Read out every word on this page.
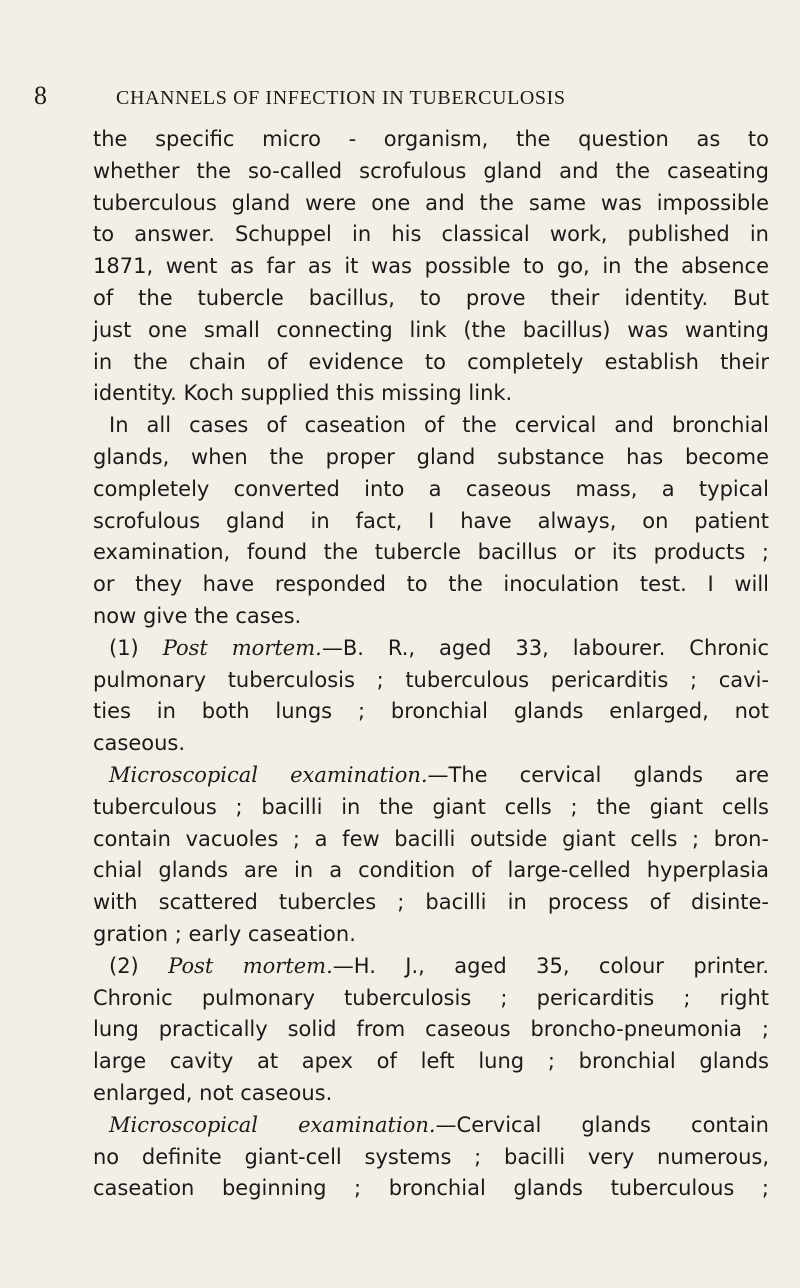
8	CHANNELS OF INFECTION IN TUBERCULOSIS
the specific micro - organism, the question as to
whether the so-called scrofulous gland and the caseating
tuberculous gland were one and the same was impossible
to answer. Schuppel in his classical work, published in
1871, went as far as it was possible to go, in the absence
of the tubercle bacillus, to prove their identity. But
just one small connecting link (the bacillus) was wanting
in the chain of evidence to completely establish their
identity. Koch supplied this missing link.
In all cases of caseation of the cervical and bronchial
glands, when the proper gland substance has become
completely converted into a caseous mass, a typical
scrofulous gland in fact, I have always, on patient
examination, found the tubercle bacillus or its products ;
or they have responded to the inoculation test. I will
now give the cases.
(1) Post mortem.—B. R., aged 33, labourer. Chronic
pulmonary tuberculosis ; tuberculous pericarditis ; cavi-
ties in both lungs ; bronchial glands enlarged, not
caseous.
Microscopical examination.—The cervical glands are
tuberculous ; bacilli in the giant cells ; the giant cells
contain vacuoles ; a few bacilli outside giant cells ; bron-
chial glands are in a condition of large-celled hyperplasia
with scattered tubercles ; bacilli in process of disinte-
gration ; early caseation.
(2) Post mortem.—H. J., aged 35, colour printer.
Chronic pulmonary tuberculosis ; pericarditis ; right
lung practically solid from caseous broncho-pneumonia ;
large cavity at apex of left lung ; bronchial glands
enlarged, not caseous.
Microscopical examination.—Cervical glands contain
no definite giant-cell systems ; bacilli very numerous,
caseation beginning ; bronchial glands tuberculous ;
